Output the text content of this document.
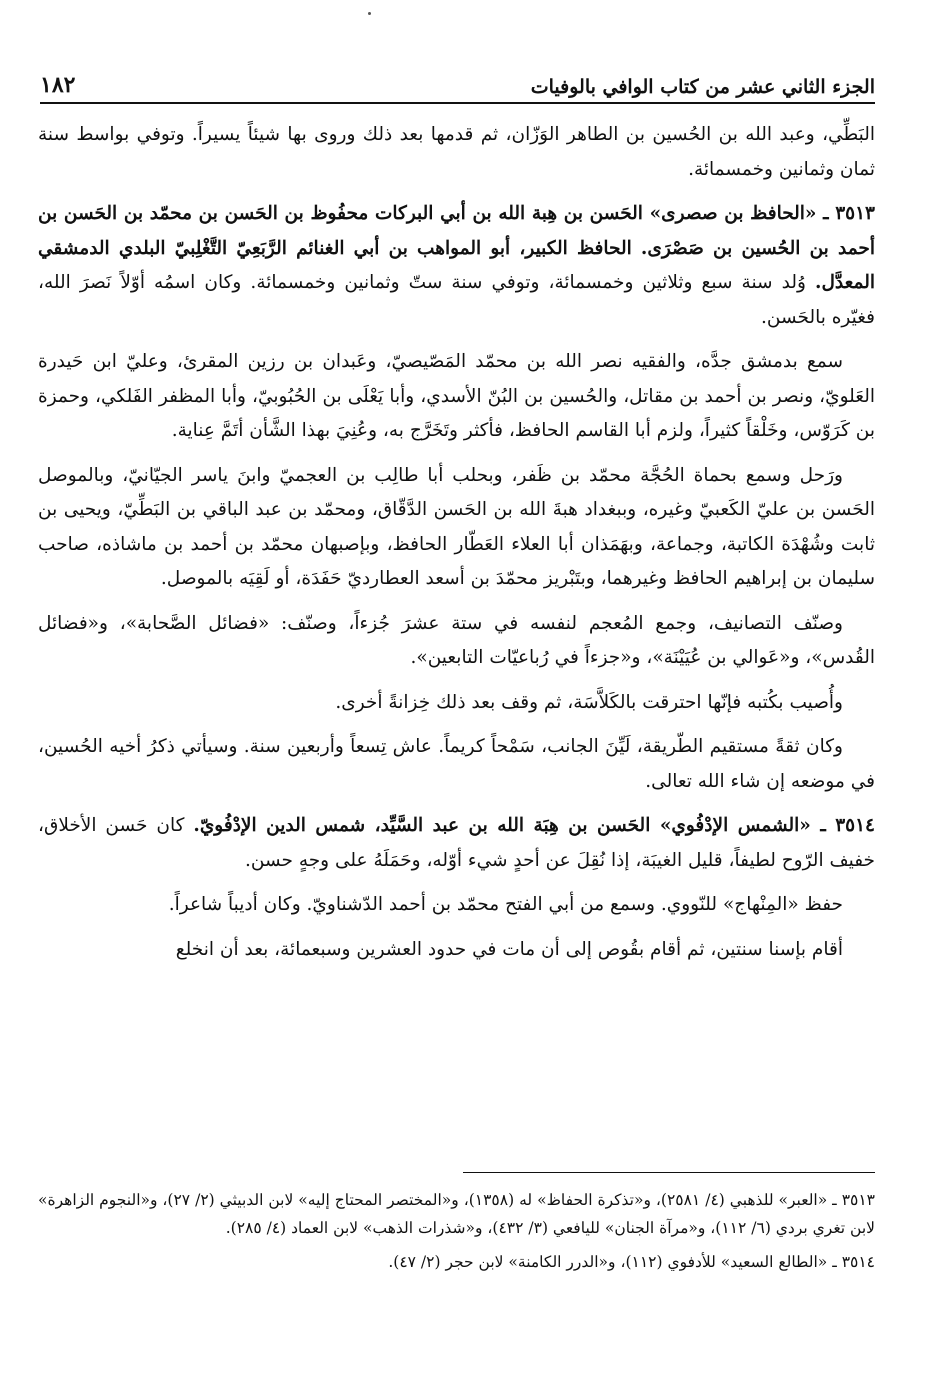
الجزء الثاني عشر من كتاب الوافي بالوفيات
١٨٢

البَطِّي، وعبد الله بن الحُسين بن الطاهر الوَزّان، ثم قدمها بعد ذلك وروى بها شيئاً يسيراً. وتوفي بواسط سنة ثمان وثمانين وخمسمائة.

٣٥١٣ ـ «الحافظ بن صصرى» الحَسن بن هِبة الله بن أبي البركات محفُوظ بن الحَسن بن محمّد بن الحَسن بن أحمد بن الحُسين بن صَصْرَى. الحافظ الكبير، أبو المواهب بن أبي الغنائم الرَّبَعِيّ التَّغْلِبيّ البلدي الدمشقي المعدَّل. وُلد سنة سبع وثلاثين وخمسمائة، وتوفي سنة ستّ وثمانين وخمسمائة. وكان اسمُه أوّلاً نَصرَ الله، فغيّره بالحَسن.

سمع بدمشق جدَّه، والفقيه نصر الله بن محمّد المَصّيصيّ، وعَبدان بن رزين المقرئ، وعليّ ابن حَيدرة العَلويّ، ونصر بن أحمد بن مقاتل، والحُسين بن البُنّ الأسدي، وأبا يَعْلَى بن الحُبُوبيّ، وأبا المظفر الفَلكي، وحمزة بن كَرَوّس، وخَلْقاً كثيراً، ولزم أبا القاسم الحافظ، فأكثر وتَخَرَّج به، وعُنِيَ بهذا الشَّأن أتَمَّ عِناية.

ورَحل وسمع بحماة الحُجَّة محمّد بن ظَفر، وبحلب أبا طالِب بن العجميّ وابنَ ياسر الجيّانيّ، وبالموصل الحَسن بن عليّ الكَعبيّ وغيره، وببغداد هبةَ الله بن الحَسن الدَّقّاق، ومحمّد بن عبد الباقي بن البَطِّيّ، ويحيى بن ثابت وشُهْدَة الكاتبة، وجماعة، وبهَمَذان أبا العلاء العَطّار الحافظ، وبإصبهان محمّد بن أحمد بن ماشاذه، صاحب سليمان بن إبراهيم الحافظ وغيرهما، وبتَبْريز محمّدَ بن أسعد العطارديّ حَفَدَة، أو لَقِيَه بالموصل.

وصنّف التصانيف، وجمع المُعجم لنفسه في ستة عشرَ جُزءاً، وصنّف: «فضائل الصَّحابة»، و«فضائل القُدس»، و«عَوالي بن عُيَيْنَة»، و«جزءاً في رُباعيّات التابعين».

وأُصيب بكُتبه فإنّها احترقت بالكَلاَّسَة، ثم وقف بعد ذلك خِزانةً أخرى.

وكان ثقةً مستقيم الطّريقة، لَيِّنَ الجانب، سَمْحاً كريماً. عاش تِسعاً وأربعين سنة. وسيأتي ذكرُ أخيه الحُسين، في موضعه إن شاء الله تعالى.

٣٥١٤ ـ «الشمس الإدْفُوي» الحَسن بن هِبَة الله بن عبد السَّيِّد، شمس الدين الإدْفُويّ. كان حَسن الأخلاق، خفيف الرّوح لطيفاً، قليل الغيبَة، إذا نُقِلَ عن أحدٍ شيء أوّله، وحَمَلَهُ على وجهٍ حسن.

حفظ «المِنْهاج» للنّووي. وسمع من أبي الفتح محمّد بن أحمد الدّشناويّ. وكان أديباً شاعراً.

أقام بإسنا سنتين، ثم أقام بقُوص إلى أن مات في حدود العشرين وسبعمائة، بعد أن انخلع

٣٥١٣ ـ «العبر» للذهبي (٤/ ٢٥٨١)، و«تذكرة الحفاظ» له (١٣٥٨)، و«المختصر المحتاج إليه» لابن الدبيثي (٢/ ٢٧)، و«النجوم الزاهرة» لابن تغري بردي (٦/ ١١٢)، و«مرآة الجنان» لليافعي (٣/ ٤٣٢)، و«شذرات الذهب» لابن العماد (٤/ ٢٨٥).

٣٥١٤ ـ «الطالع السعيد» للأدفوي (١١٢)، و«الدرر الكامنة» لابن حجر (٢/ ٤٧).
